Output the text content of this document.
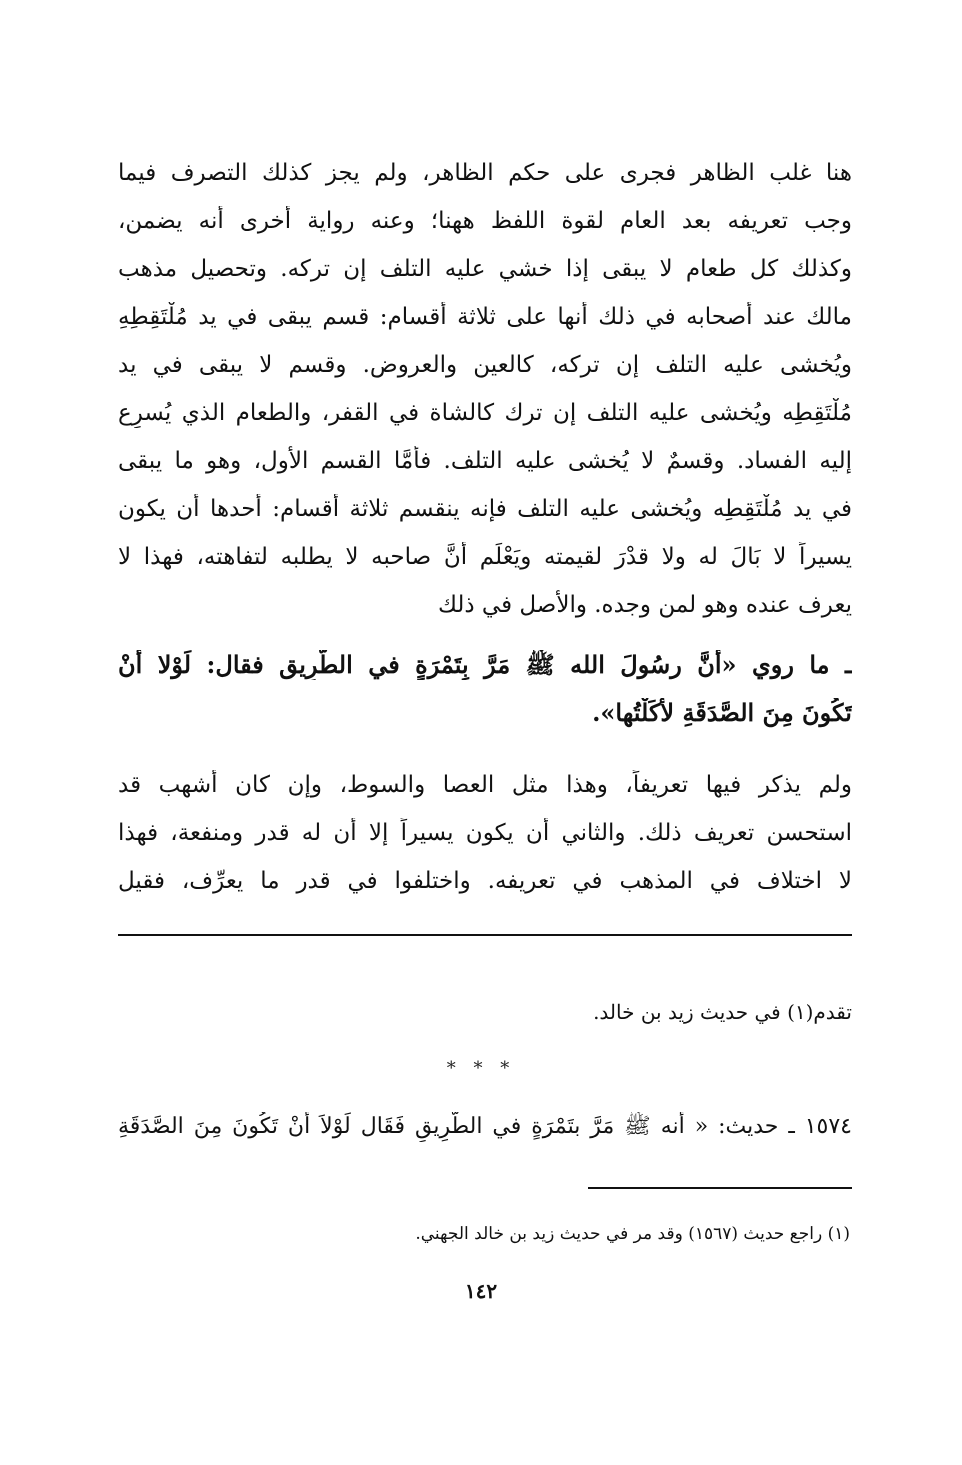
هنا غلب الظاهر فجرى على حكم الظاهر، ولم يجز كذلك التصرف فيما
وجب تعريفه بعد العام لقوة اللفظ ههنا؛ وعنه رواية أخرى أنه يضمن،
وكذلك كل طعام لا يبقى إذا خشي عليه التلف إن تركه. وتحصيل مذهب
مالك عند أصحابه في ذلك أنها على ثلاثة أقسام: قسم يبقى في يد مُلْتَقِطِهِ
ويُخشى عليه التلف إن تركه، كالعين والعروض. وقسم لا يبقى في يد
مُلْتَقِطِه ويُخشى عليه التلف إن ترك كالشاة في القفر، والطعام الذي يُسرِع
إليه الفساد. وقسمٌ لا يُخشى عليه التلف. فأمَّا القسم الأول، وهو ما يبقى
في يد مُلْتَقِطِه ويُخشى عليه التلف فإنه ينقسم ثلاثة أقسام: أحدها أن يكون
يسيراً لا بَالَ له ولا قدْرَ لقيمته ويَعْلَم أنَّ صاحبه لا يطلبه لتفاهته، فهذا لا
يعرف عنده وهو لمن وجده. والأصل في ذلك
ـ ما روي «أنَّ رسُولَ الله ﷺ مَرَّ بِتَمْرَةٍ في الطَّرِيقِ فقال: لَوْلا أَنْ
تَكُونَ مِنَ الصَّدَقَةِ لأكَلْتُها».
ولم يذكر فيها تعريفاً، وهذا مثل العصا والسوط، وإن كان أشهب قد
استحسن تعريف ذلك. والثاني أن يكون يسيراً إلا أن له قدر ومنفعة، فهذا
لا اختلاف في المذهب في تعريفه. واختلفوا في قدر ما يعرِّف، فقيل
تقدم(١) في حديث زيد بن خالد.
* * *
١٥٧٤ ـ حديث: « أنه ﷺ مَرَّ بتَمْرَةٍ في الطَّرِيقِ فَقَال لَوْلاَ أنْ تَكُونَ مِنَ الصَّدَقَةِ
(١) راجع حديث (١٥٦٧) وقد مر في حديث زيد بن خالد الجهني.
١٤٢
